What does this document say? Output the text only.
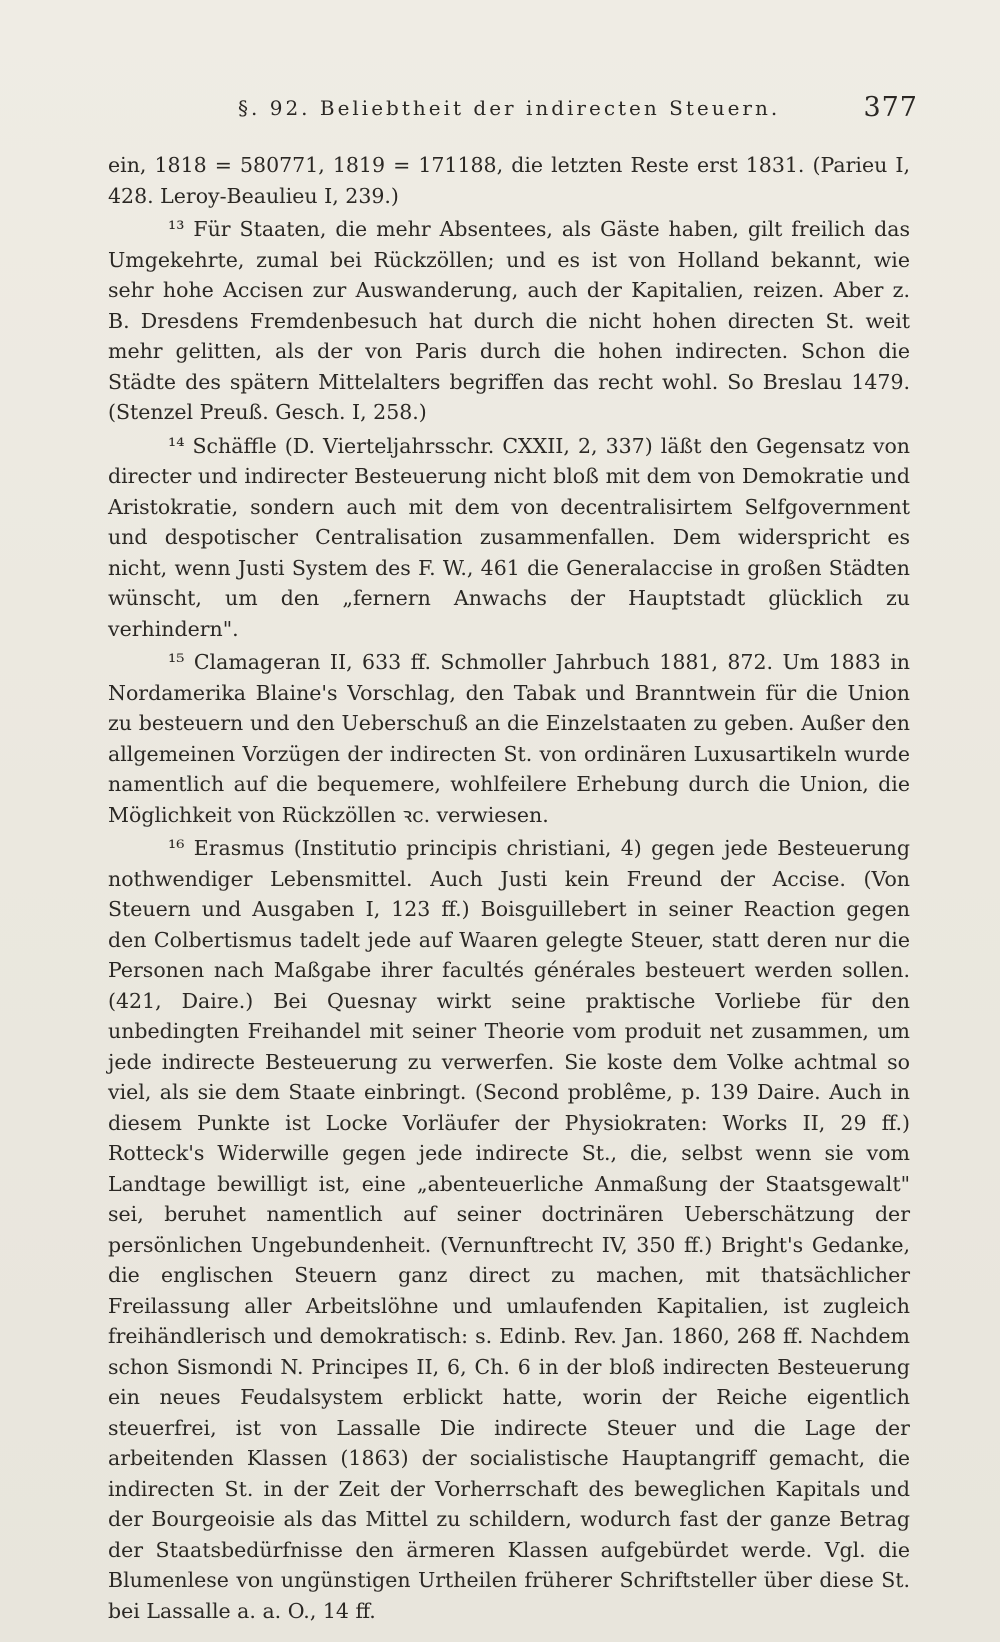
§. 92. Beliebtheit der indirecten Steuern.	377

ein, 1818 = 580771, 1819 = 171188, die letzten Reste erst 1831. (Parieu I, 428. Leroy-Beaulieu I, 239.)

¹³ Für Staaten, die mehr Absentees, als Gäste haben, gilt freilich das Umgekehrte, zumal bei Rückzöllen; und es ist von Holland bekannt, wie sehr hohe Accisen zur Auswanderung, auch der Kapitalien, reizen. Aber z. B. Dresdens Fremdenbesuch hat durch die nicht hohen directen St. weit mehr gelitten, als der von Paris durch die hohen indirecten. Schon die Städte des spätern Mittelalters begriffen das recht wohl. So Breslau 1479. (Stenzel Preuß. Gesch. I, 258.)

¹⁴ Schäffle (D. Vierteljahrsschr. CXXII, 2, 337) läßt den Gegensatz von directer und indirecter Besteuerung nicht bloß mit dem von Demokratie und Aristokratie, sondern auch mit dem von decentralisirtem Selfgovernment und despotischer Centralisation zusammenfallen. Dem widerspricht es nicht, wenn Justi System des F. W., 461 die Generalaccise in großen Städten wünscht, um den „fernern Anwachs der Hauptstadt glücklich zu verhindern".

¹⁵ Clamageran II, 633 ff. Schmoller Jahrbuch 1881, 872. Um 1883 in Nordamerika Blaine's Vorschlag, den Tabak und Branntwein für die Union zu besteuern und den Ueberschuß an die Einzelstaaten zu geben. Außer den allgemeinen Vorzügen der indirecten St. von ordinären Luxusartikeln wurde namentlich auf die bequemere, wohlfeilere Erhebung durch die Union, die Möglichkeit von Rückzöllen ꝛc. verwiesen.

¹⁶ Erasmus (Institutio principis christiani, 4) gegen jede Besteuerung nothwendiger Lebensmittel. Auch Justi kein Freund der Accise. (Von Steuern und Ausgaben I, 123 ff.) Boisguillebert in seiner Reaction gegen den Colbertismus tadelt jede auf Waaren gelegte Steuer, statt deren nur die Personen nach Maßgabe ihrer facultés générales besteuert werden sollen. (421, Daire.) Bei Quesnay wirkt seine praktische Vorliebe für den unbedingten Freihandel mit seiner Theorie vom produit net zusammen, um jede indirecte Besteuerung zu verwerfen. Sie koste dem Volke achtmal so viel, als sie dem Staate einbringt. (Second problême, p. 139 Daire. Auch in diesem Punkte ist Locke Vorläufer der Physiokraten: Works II, 29 ff.) Rotteck's Widerwille gegen jede indirecte St., die, selbst wenn sie vom Landtage bewilligt ist, eine „abenteuerliche Anmaßung der Staatsgewalt" sei, beruhet namentlich auf seiner doctrinären Ueberschätzung der persönlichen Ungebundenheit. (Vernunftrecht IV, 350 ff.) Bright's Gedanke, die englischen Steuern ganz direct zu machen, mit thatsächlicher Freilassung aller Arbeitslöhne und umlaufenden Kapitalien, ist zugleich freihändlerisch und demokratisch: s. Edinb. Rev. Jan. 1860, 268 ff. Nachdem schon Sismondi N. Principes II, 6, Ch. 6 in der bloß indirecten Besteuerung ein neues Feudalsystem erblickt hatte, worin der Reiche eigentlich steuerfrei, ist von Lassalle Die indirecte Steuer und die Lage der arbeitenden Klassen (1863) der socialistische Hauptangriff gemacht, die indirecten St. in der Zeit der Vorherrschaft des beweglichen Kapitals und der Bourgeoisie als das Mittel zu schildern, wodurch fast der ganze Betrag der Staatsbedürfnisse den ärmeren Klassen aufgebürdet werde. Vgl. die Blumenlese von ungünstigen Urtheilen früherer Schriftsteller über diese St. bei Lassalle a. a. O., 14 ff.
